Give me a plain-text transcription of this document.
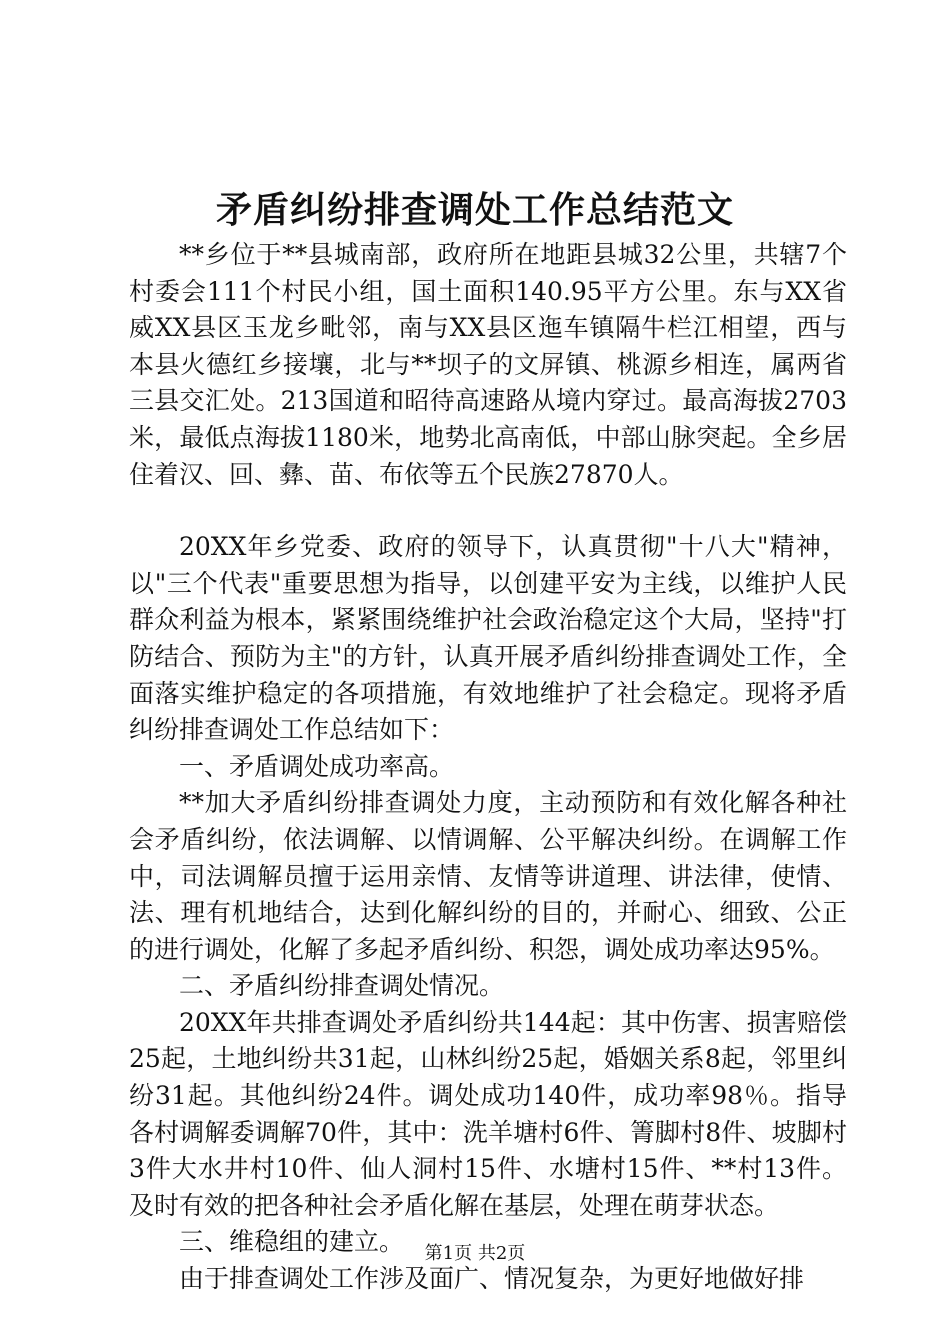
矛盾纠纷排查调处工作总结范文

**乡位于**县城南部，政府所在地距县城32公里，共辖7个村委会111个村民小组，国土面积140.95平方公里。东与XX省威XX县区玉龙乡毗邻，南与XX县区迤车镇隔牛栏江相望，西与本县火德红乡接壤，北与**坝子的文屏镇、桃源乡相连，属两省三县交汇处。213国道和昭待高速路从境内穿过。最高海拔2703米，最低点海拔1180米，地势北高南低，中部山脉突起。全乡居住着汉、回、彝、苗、布依等五个民族27870人。

20XX年乡党委、政府的领导下，认真贯彻"十八大"精神，以"三个代表"重要思想为指导，以创建平安为主线，以维护人民群众利益为根本，紧紧围绕维护社会政治稳定这个大局，坚持"打防结合、预防为主"的方针，认真开展矛盾纠纷排查调处工作，全面落实维护稳定的各项措施，有效地维护了社会稳定。现将矛盾纠纷排查调处工作总结如下：

一、矛盾调处成功率高。

**加大矛盾纠纷排查调处力度，主动预防和有效化解各种社会矛盾纠纷，依法调解、以情调解、公平解决纠纷。在调解工作中，司法调解员擅于运用亲情、友情等讲道理、讲法律，使情、法、理有机地结合，达到化解纠纷的目的，并耐心、细致、公正的进行调处，化解了多起矛盾纠纷、积怨，调处成功率达95%。

二、矛盾纠纷排查调处情况。

20XX年共排查调处矛盾纠纷共144起：其中伤害、损害赔偿25起，土地纠纷共31起，山林纠纷25起，婚姻关系8起，邻里纠纷31起。其他纠纷24件。调处成功140件，成功率98％。指导各村调解委调解70件，其中：洗羊塘村6件、箐脚村8件、坡脚村3件大水井村10件、仙人洞村15件、水塘村15件、**村13件。及时有效的把各种社会矛盾化解在基层，处理在萌芽状态。

三、维稳组的建立。

由于排查调处工作涉及面广、情况复杂，为更好地做好排

第1页 共2页
